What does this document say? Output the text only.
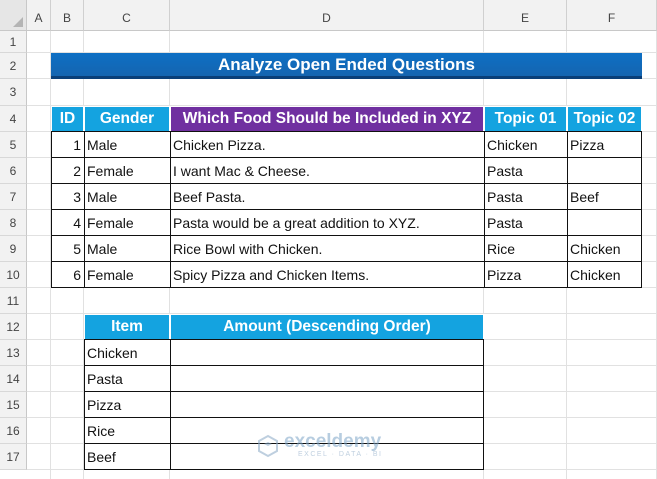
A	B	C	D	E	F
1
2
3
4
5
6
7
8
9
10
11
12
13
14
15
16
17
Analyze Open Ended Questions
ID	Gender	Which Food Should be Included in XYZ	Topic 01	Topic 02
1 Male	Chicken Pizza.	Chicken	Pizza
2 Female	I want Mac & Cheese.	Pasta
3 Male	Beef Pasta.	Pasta	Beef
4 Female	Pasta would be a great addition to XYZ.	Pasta
5 Male	Rice Bowl with Chicken.	Rice	Chicken
6 Female	Spicy Pizza and Chicken Items.	Pizza	Chicken
Item	Amount (Descending Order)
Chicken
Pasta
Pizza
Rice
Beef
exceldemy
EXCEL · DATA · BI
